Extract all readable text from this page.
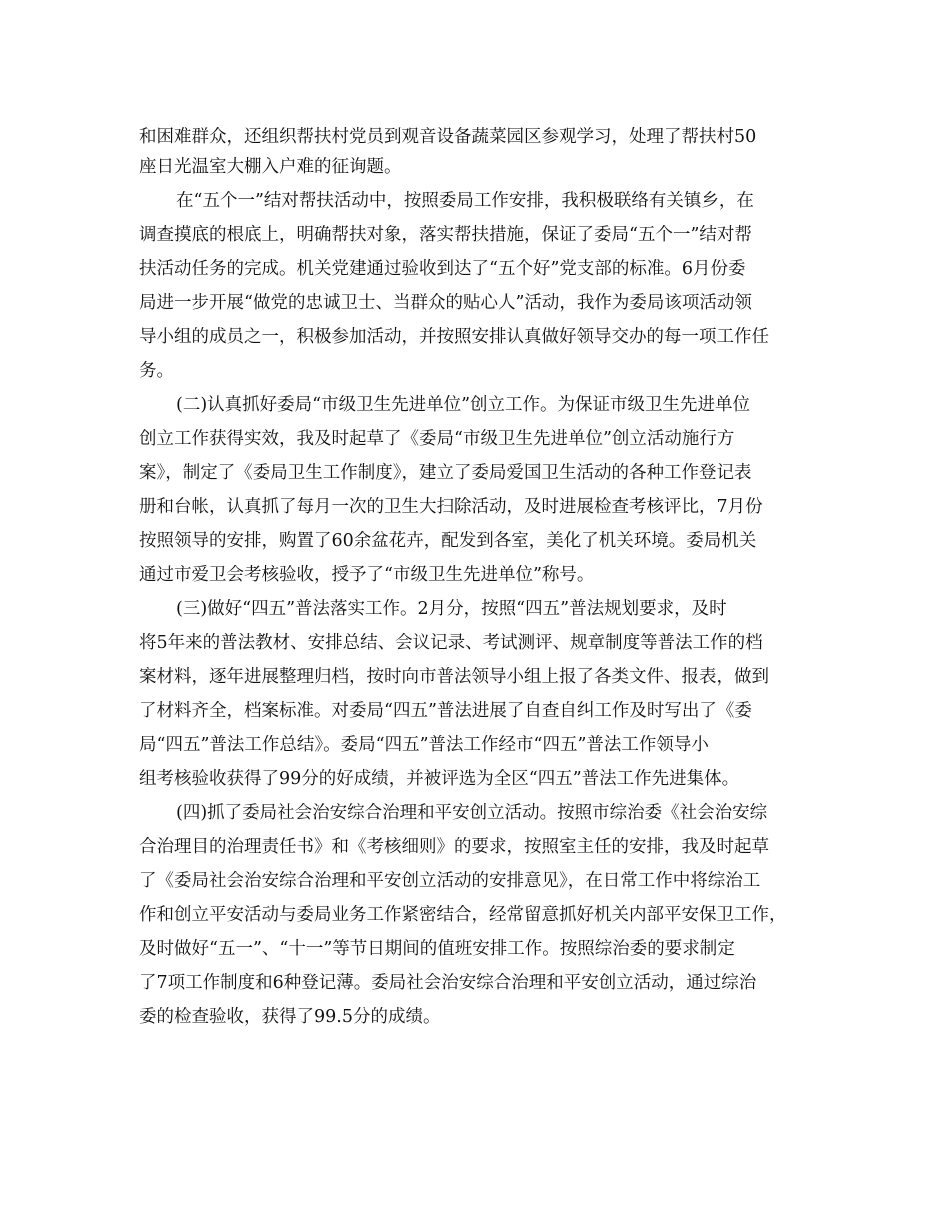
和困难群众，还组织帮扶村党员到观音设备蔬菜园区参观学习，处理了帮扶村50
座日光温室大棚入户难的征询题。
在“五个一”结对帮扶活动中，按照委局工作安排，我积极联络有关镇乡，在
调查摸底的根底上，明确帮扶对象，落实帮扶措施，保证了委局“五个一”结对帮
扶活动任务的完成。机关党建通过验收到达了“五个好”党支部的标准。6月份委
局进一步开展“做党的忠诚卫士、当群众的贴心人”活动，我作为委局该项活动领
导小组的成员之一，积极参加活动，并按照安排认真做好领导交办的每一项工作任
务。
(二)认真抓好委局“市级卫生先进单位”创立工作。为保证市级卫生先进单位
创立工作获得实效，我及时起草了《委局“市级卫生先进单位”创立活动施行方
案》，制定了《委局卫生工作制度》，建立了委局爱国卫生活动的各种工作登记表
册和台帐，认真抓了每月一次的卫生大扫除活动，及时进展检查考核评比，7月份
按照领导的安排，购置了60余盆花卉，配发到各室，美化了机关环境。委局机关
通过市爱卫会考核验收，授予了“市级卫生先进单位”称号。
(三)做好“四五”普法落实工作。2月分，按照“四五”普法规划要求，及时
将5年来的普法教材、安排总结、会议记录、考试测评、规章制度等普法工作的档
案材料，逐年进展整理归档，按时向市普法领导小组上报了各类文件、报表，做到
了材料齐全，档案标准。对委局“四五”普法进展了自查自纠工作及时写出了《委
局“四五”普法工作总结》。委局“四五”普法工作经市“四五”普法工作领导小
组考核验收获得了99分的好成绩，并被评选为全区“四五”普法工作先进集体。
(四)抓了委局社会治安综合治理和平安创立活动。按照市综治委《社会治安综
合治理目的治理责任书》和《考核细则》的要求，按照室主任的安排，我及时起草
了《委局社会治安综合治理和平安创立活动的安排意见》，在日常工作中将综治工
作和创立平安活动与委局业务工作紧密结合，经常留意抓好机关内部平安保卫工作，
及时做好“五一”、“十一”等节日期间的值班安排工作。按照综治委的要求制定
了7项工作制度和6种登记薄。委局社会治安综合治理和平安创立活动，通过综治
委的检查验收，获得了99.5分的成绩。
